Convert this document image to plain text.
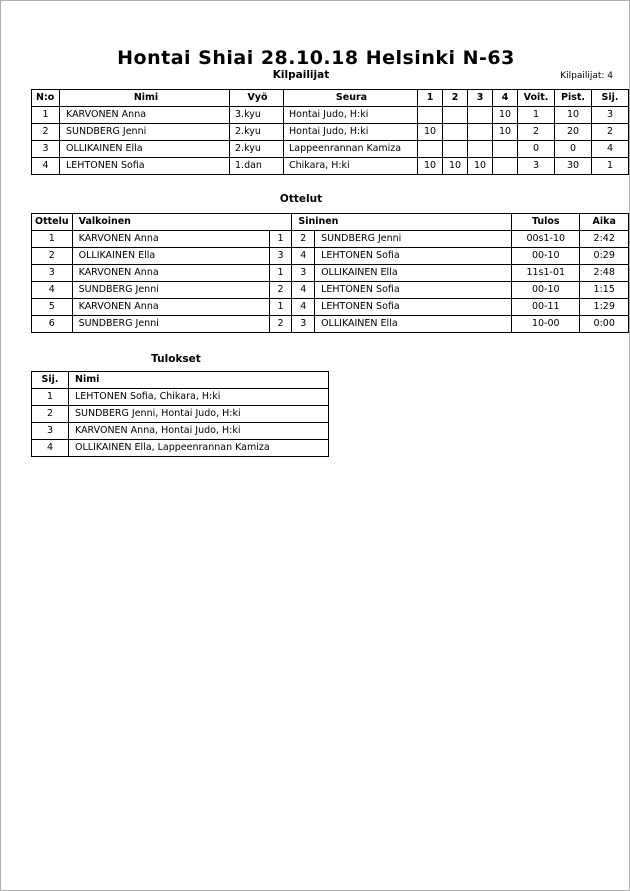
Hontai Shiai 28.10.18 Helsinki N-63
Kilpailijat	Kilpailijat: 4
N:o	Nimi	Vyö	Seura	1	2	3	4	Voit.	Pist.	Sij.
1	KARVONEN Anna	3.kyu	Hontai Judo, H:ki				10	1	10	3
2	SUNDBERG Jenni	2.kyu	Hontai Judo, H:ki	10			10	2	20	2
3	OLLIKAINEN Ella	2.kyu	Lappeenrannan Kamiza					0	0	4
4	LEHTONEN Sofia	1.dan	Chikara, H:ki	10	10	10		3	30	1
Ottelut
Ottelu	Valkoinen		Sininen		Tulos	Aika
1	KARVONEN Anna	1	2	SUNDBERG Jenni	00s1-10	2:42
2	OLLIKAINEN Ella	3	4	LEHTONEN Sofia	00-10	0:29
3	KARVONEN Anna	1	3	OLLIKAINEN Ella	11s1-01	2:48
4	SUNDBERG Jenni	2	4	LEHTONEN Sofia	00-10	1:15
5	KARVONEN Anna	1	4	LEHTONEN Sofia	00-11	1:29
6	SUNDBERG Jenni	2	3	OLLIKAINEN Ella	10-00	0:00
Tulokset
Sij.	Nimi
1	LEHTONEN Sofia, Chikara, H:ki
2	SUNDBERG Jenni, Hontai Judo, H:ki
3	KARVONEN Anna, Hontai Judo, H:ki
4	OLLIKAINEN Ella, Lappeenrannan Kamiza
